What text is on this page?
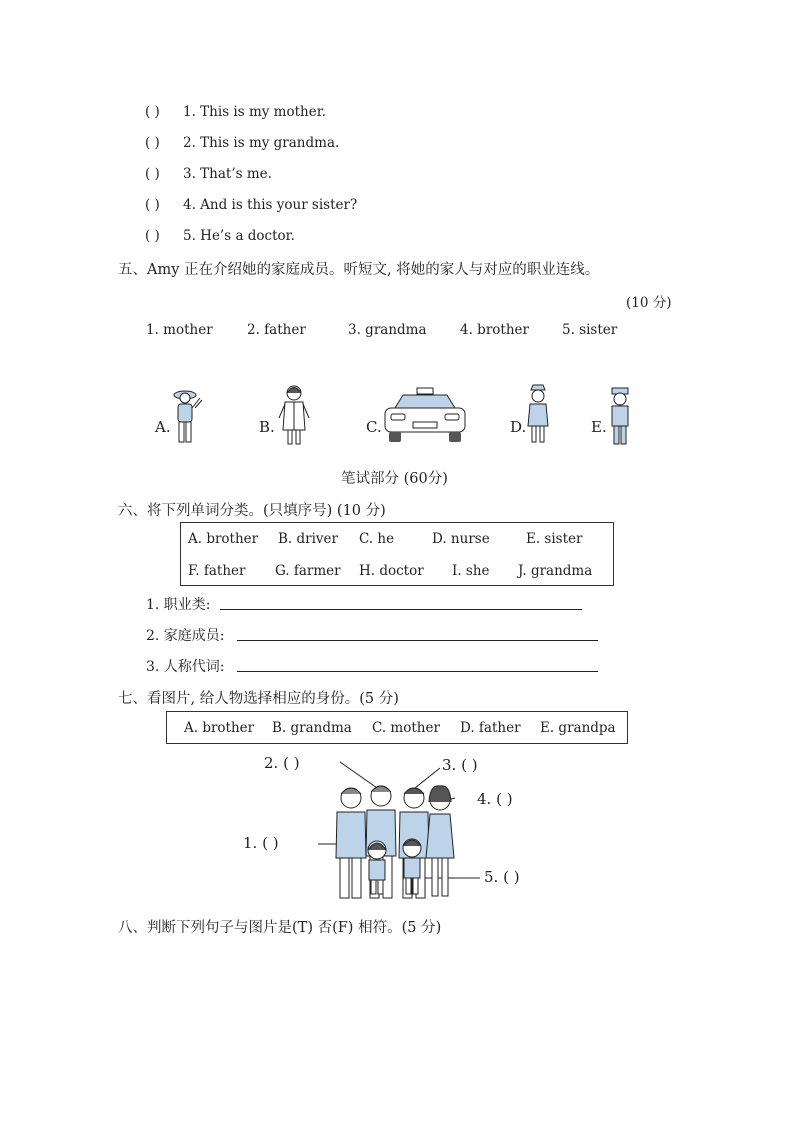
( ) 1. This is my mother.
( ) 2. This is my grandma.
( ) 3. That’s me.
( ) 4. And is this your sister?
( ) 5. He’s a doctor.
五、Amy 正在介绍她的家庭成员。听短文, 将她的家人与对应的职业连线。
(10 分)
1. mother	2. father	3. grandma 4. brother 5. sister
A.	B.	C.	D.	E.
笔试部分 (60分)
六、将下列单词分类。(只填序号) (10 分)
A. brother B. driver C. he	D. nurse	E. sister
F. father G. farmer H. doctor I. she J. grandma
1. 职业类:
2. 家庭成员:
3. 人称代词:
七、看图片, 给人物选择相应的身份。(5 分)
A. brother B. grandma C. mother D. father E. grandpa
2. ( )	3. ( )
4. ( )
1. ( )
5. ( )
八、判断下列句子与图片是(T) 否(F) 相符。(5 分)
